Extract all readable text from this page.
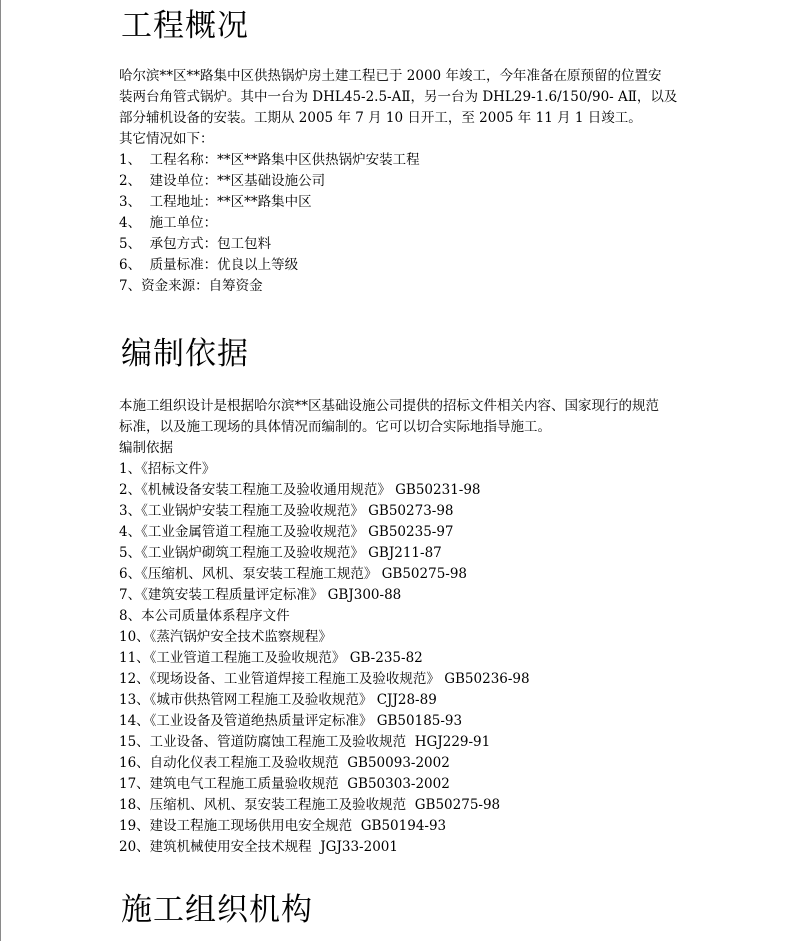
工程概况
哈尔滨**区**路集中区供热锅炉房土建工程已于 2000 年竣工，今年准备在原预留的位置安
装两台角管式锅炉。其中一台为 DHL45-2.5-AⅡ，另一台为 DHL29-1.6/150/90- AⅡ，以及
部分辅机设备的安装。工期从 2005 年 7 月 10 日开工，至 2005 年 11 月 1 日竣工。
其它情况如下：
1、  工程名称：**区**路集中区供热锅炉安装工程
2、  建设单位：**区基础设施公司
3、  工程地址：**区**路集中区
4、  施工单位：
5、  承包方式：包工包料
6、  质量标准：优良以上等级
7、资金来源：自筹资金
编制依据
本施工组织设计是根据哈尔滨**区基础设施公司提供的招标文件相关内容、国家现行的规范
标准，以及施工现场的具体情况而编制的。它可以切合实际地指导施工。
编制依据
1、《招标文件》
2、《机械设备安装工程施工及验收通用规范》 GB50231-98
3、《工业锅炉安装工程施工及验收规范》 GB50273-98
4、《工业金属管道工程施工及验收规范》 GB50235-97
5、《工业锅炉砌筑工程施工及验收规范》 GBJ211-87
6、《压缩机、风机、泵安装工程施工规范》 GB50275-98
7、《建筑安装工程质量评定标准》 GBJ300-88
8、本公司质量体系程序文件
10、《蒸汽锅炉安全技术监察规程》
11、《工业管道工程施工及验收规范》 GB-235-82
12、《现场设备、工业管道焊接工程施工及验收规范》 GB50236-98
13、《城市供热管网工程施工及验收规范》 CJJ28-89
14、《工业设备及管道绝热质量评定标准》 GB50185-93
15、工业设备、管道防腐蚀工程施工及验收规范  HGJ229-91
16、自动化仪表工程施工及验收规范  GB50093-2002
17、建筑电气工程施工质量验收规范  GB50303-2002
18、压缩机、风机、泵安装工程施工及验收规范  GB50275-98
19、建设工程施工现场供用电安全规范  GB50194-93
20、建筑机械使用安全技术规程  JGJ33-2001
施工组织机构
